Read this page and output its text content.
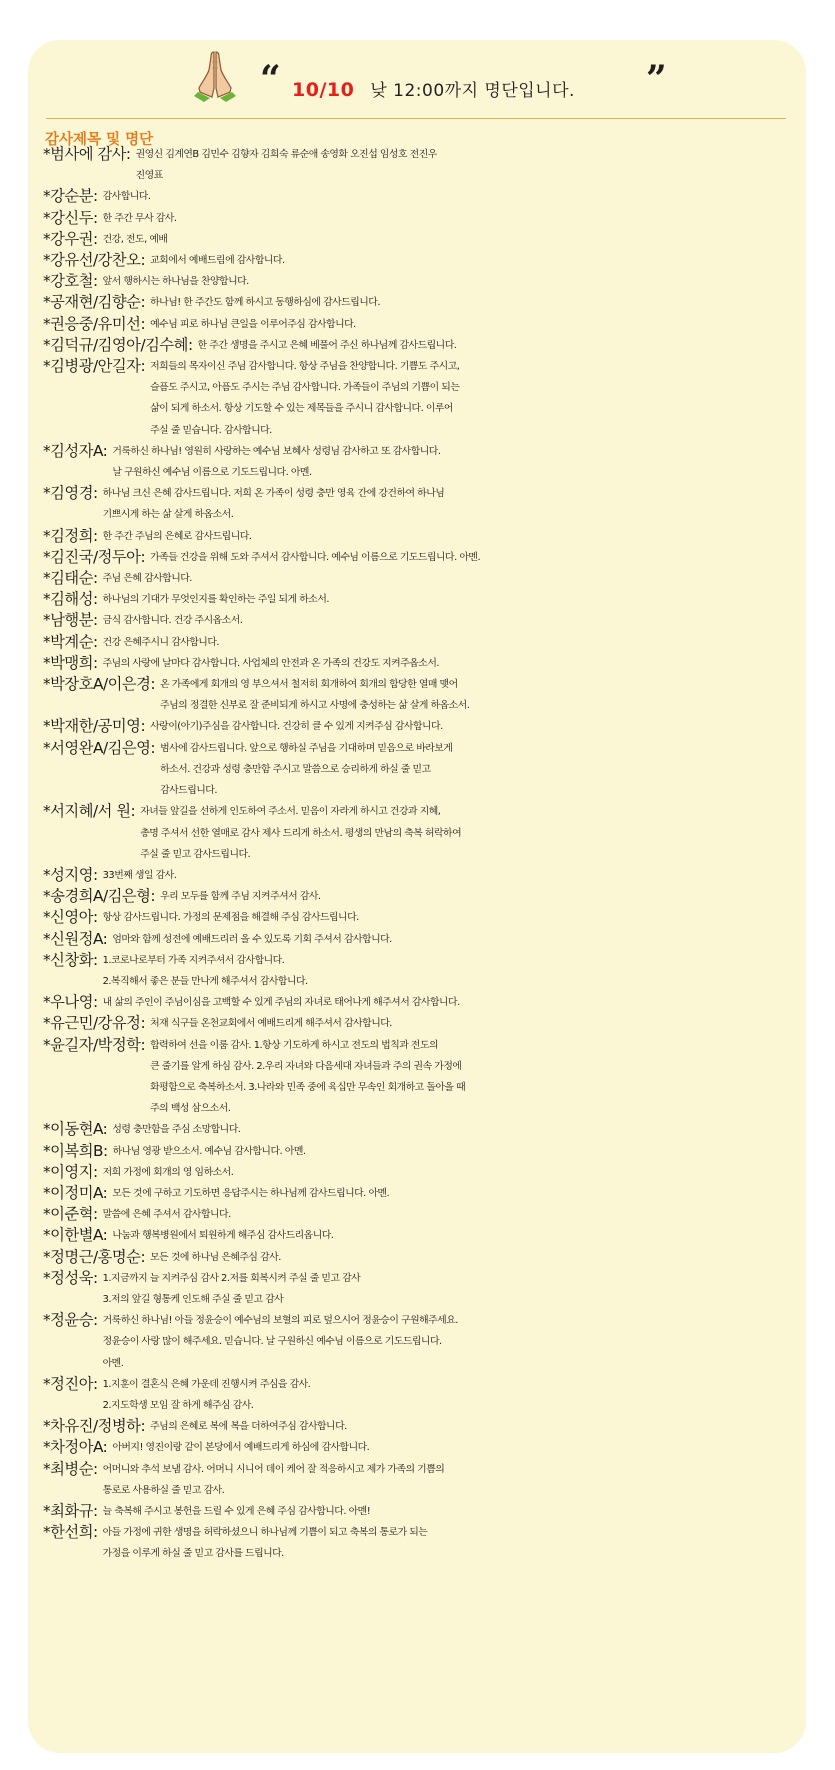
“ 10/10 낮 12:00까지 명단입니다. ”
감사제목 및 명단
*범사에 감사: 권영신 김계연B 김민수 김향자 김희숙 류순애 송영화 오진섭 임성호 전진우
진영표
*강순분: 감사합니다.
*강신두: 한 주간 무사 감사.
*강우권: 건강, 전도, 예배
*강유선/강찬오: 교회에서 예배드림에 감사합니다.
*강호철: 앞서 행하시는 하나님을 찬양합니다.
*공재현/김향순: 하나님! 한 주간도 함께 하시고 동행하심에 감사드립니다.
*권응중/유미선: 예수님 피로 하나님 큰일을 이루어주심 감사합니다.
*김덕규/김영아/김수혜: 한 주간 생명을 주시고 은혜 베풀어 주신 하나님께 감사드립니다.
*김병광/안길자: 저희들의 목자이신 주님 감사합니다. 항상 주님을 찬양합니다. 기쁨도 주시고,
슬픔도 주시고, 아픔도 주시는 주님 감사합니다. 가족들이 주님의 기쁨이 되는
삶이 되게 하소서. 항상 기도할 수 있는 제목들을 주시니 감사합니다. 이루어
주실 줄 믿습니다. 감사합니다.
*김성자A: 거룩하신 하나님! 영원히 사랑하는 예수님 보혜사 성령님 감사하고 또 감사합니다.
날 구원하신 예수님 이름으로 기도드립니다. 아멘.
*김영경: 하나님 크신 은혜 감사드립니다. 저희 온 가족이 성령 충만 영육 간에 강건하여 하나님
기쁘시게 하는 삶 살게 하옵소서.
*김정희: 한 주간 주님의 은혜로 감사드립니다.
*김진국/정두아: 가족들 건강을 위해 도와 주셔서 감사합니다. 예수님 이름으로 기도드립니다. 아멘.
*김태순: 주님 은혜 감사합니다.
*김해성: 하나님의 기대가 무엇인지를 확인하는 주일 되게 하소서.
*남행분: 금식 감사합니다. 건강 주시옵소서.
*박계순: 건강 은혜주시니 감사합니다.
*박맹희: 주님의 사랑에 날마다 감사합니다. 사업체의 안전과 온 가족의 건강도 지켜주옵소서.
*박장호A/이은경: 온 가족에게 회개의 영 부으셔서 철저히 회개하여 회개의 합당한 열매 맺어
주님의 정결한 신부로 잘 준비되게 하시고 사명에 충성하는 삶 살게 하옵소서.
*박재한/공미영: 사랑이(아기)주심을 감사합니다. 건강히 클 수 있게 지켜주심 감사합니다.
*서영완A/김은영: 범사에 감사드립니다. 앞으로 행하실 주님을 기대하며 믿음으로 바라보게
하소서. 건강과 성령 충만함 주시고 말씀으로 승리하게 하실 줄 믿고
감사드립니다.
*서지혜/서 원: 자녀들 앞길을 선하게 인도하여 주소서. 믿음이 자라게 하시고 건강과 지혜,
총명 주셔서 선한 열매로 감사 제사 드리게 하소서. 평생의 만남의 축복 허락하여
주실 줄 믿고 감사드립니다.
*성지영: 33번째 생일 감사.
*송경희A/김은형: 우리 모두를 함께 주님 지켜주셔서 감사.
*신영아: 항상 감사드립니다. 가정의 문제점을 해결해 주심 감사드립니다.
*신원정A: 엄마와 함께 성전에 예배드리러 올 수 있도록 기회 주셔서 감사합니다.
*신창화: 1.코로나로부터 가족 지켜주셔서 감사합니다.
2.복직해서 좋은 분들 만나게 해주셔서 감사합니다.
*우나영: 내 삶의 주인이 주님이심을 고백할 수 있게 주님의 자녀로 태어나게 해주셔서 감사합니다.
*유근민/강유정: 처재 식구들 온천교회에서 예배드리게 해주셔서 감사합니다.
*윤길자/박정학: 합력하여 선을 이룸 감사. 1.항상 기도하게 하시고 전도의 법칙과 전도의
큰 줄기를 알게 하심 감사. 2.우리 자녀와 다음세대 자녀들과 주의 권속 가정에
화평함으로 축복하소서. 3.나라와 민족 중에 육십만 무속인 회개하고 돌아올 때
주의 백성 삼으소서.
*이동현A: 성령 충만함을 주심 소망합니다.
*이복희B: 하나님 영광 받으소서. 예수님 감사합니다. 아멘.
*이영지: 저희 가정에 회개의 영 임하소서.
*이정미A: 모든 것에 구하고 기도하면 응답주시는 하나님께 감사드립니다. 아멘.
*이준혁: 말씀에 은혜 주셔서 감사합니다.
*이한별A: 나눔과 행복병원에서 퇴원하게 해주심 감사드리옵니다.
*정명근/홍명순: 모든 것에 하나님 은혜주심 감사.
*정성욱: 1.지금까지 늘 지켜주심 감사 2.저를 회복시켜 주실 줄 믿고 감사
3.저의 앞길 형통케 인도해 주실 줄 믿고 감사
*정윤승: 거룩하신 하나님! 아들 정윤승이 예수님의 보혈의 피로 덮으시어 정윤승이 구원해주세요.
정윤승이 사랑 많이 해주세요. 믿습니다. 날 구원하신 예수님 이름으로 기도드립니다.
아멘.
*정진아: 1.지훈이 결혼식 은혜 가운데 진행시켜 주심을 감사.
2.지도학생 모임 잘 하게 해주심 감사.
*차유진/정병하: 주님의 은혜로 복에 복을 더하여주심 감사합니다.
*차정아A: 아버지! 영진이랑 같이 본당에서 예배드리게 하심에 감사합니다.
*최병순: 어머니와 추석 보냄 감사. 어머니 시니어 데이 케어 잘 적응하시고 제가 가족의 기쁨의
통로로 사용하실 줄 믿고 감사.
*최화규: 늘 축복해 주시고 봉헌을 드릴 수 있게 은혜 주심 감사합니다. 아멘!
*한선희: 아들 가정에 귀한 생명을 허락하셨으니 하나님께 기쁨이 되고 축복의 통로가 되는
가정을 이루게 하실 줄 믿고 감사를 드립니다.
